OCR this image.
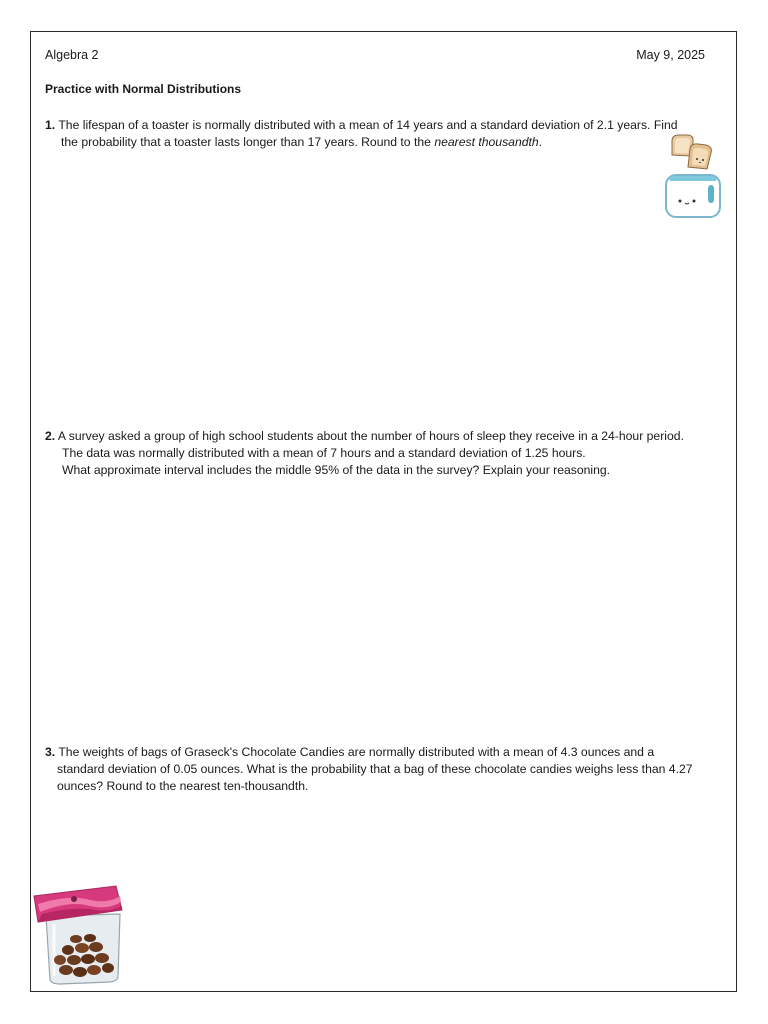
Algebra 2	May 9, 2025
Practice with Normal Distributions
1. The lifespan of a toaster is normally distributed with a mean of 14 years and a standard deviation of 2.1 years. Find
the probability that a toaster lasts longer than 17 years. Round to the nearest thousandth.
2. A survey asked a group of high school students about the number of hours of sleep they receive in a 24-hour period.
The data was normally distributed with a mean of 7 hours and a standard deviation of 1.25 hours.
What approximate interval includes the middle 95% of the data in the survey? Explain your reasoning.
3. The weights of bags of Graseck's Chocolate Candies are normally distributed with a mean of 4.3 ounces and a
standard deviation of 0.05 ounces. What is the probability that a bag of these chocolate candies weighs less than 4.27
ounces? Round to the nearest ten-thousandth.
